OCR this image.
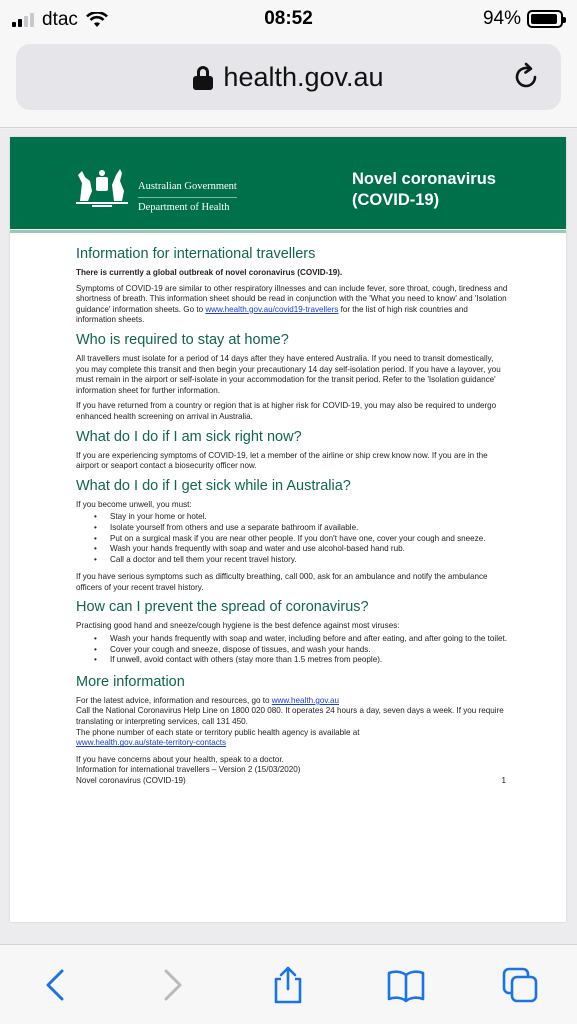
dtac	08:52	94%
health.gov.au
Australian Government
Department of Health
Novel coronavirus
(COVID-19)
Information for international travellers

There is currently a global outbreak of novel coronavirus (COVID-19).

Symptoms of COVID-19 are similar to other respiratory illnesses and can include fever, sore throat, cough, tiredness and shortness of breath. This information sheet should be read in conjunction with the 'What you need to know' and 'Isolation guidance' information sheets. Go to www.health.gov.au/covid19-travellers for the list of high risk countries and information sheets.

Who is required to stay at home?

All travellers must isolate for a period of 14 days after they have entered Australia. If you need to transit domestically, you may complete this transit and then begin your precautionary 14 day self-isolation period. If you have a layover, you must remain in the airport or self-isolate in your accommodation for the transit period. Refer to the 'Isolation guidance' information sheet for further information.

If you have returned from a country or region that is at higher risk for COVID-19, you may also be required to undergo enhanced health screening on arrival in Australia.

What do I do if I am sick right now?

If you are experiencing symptoms of COVID-19, let a member of the airline or ship crew know now. If you are in the airport or seaport contact a biosecurity officer now.

What do I do if I get sick while in Australia?

If you become unwell, you must:

• Stay in your home or hotel.
• Isolate yourself from others and use a separate bathroom if available.
• Put on a surgical mask if you are near other people. If you don't have one, cover your cough and sneeze.
• Wash your hands frequently with soap and water and use alcohol-based hand rub.
• Call a doctor and tell them your recent travel history.

If you have serious symptoms such as difficulty breathing, call 000, ask for an ambulance and notify the ambulance officers of your recent travel history.

How can I prevent the spread of coronavirus?

Practising good hand and sneeze/cough hygiene is the best defence against most viruses:

• Wash your hands frequently with soap and water, including before and after eating, and after going to the toilet.
• Cover your cough and sneeze, dispose of tissues, and wash your hands.
• If unwell, avoid contact with others (stay more than 1.5 metres from people).
More information

For the latest advice, information and resources, go to www.health.gov.au

Call the National Coronavirus Help Line on 1800 020 080. It operates 24 hours a day, seven days a week. If you require translating or interpreting services, call 131 450.

The phone number of each state or territory public health agency is available at

www.health.gov.au/state-territory-contacts

If you have concerns about your health, speak to a doctor.
Information for international travellers – Version 2 (15/03/2020)
Novel coronavirus (COVID-19)	1
